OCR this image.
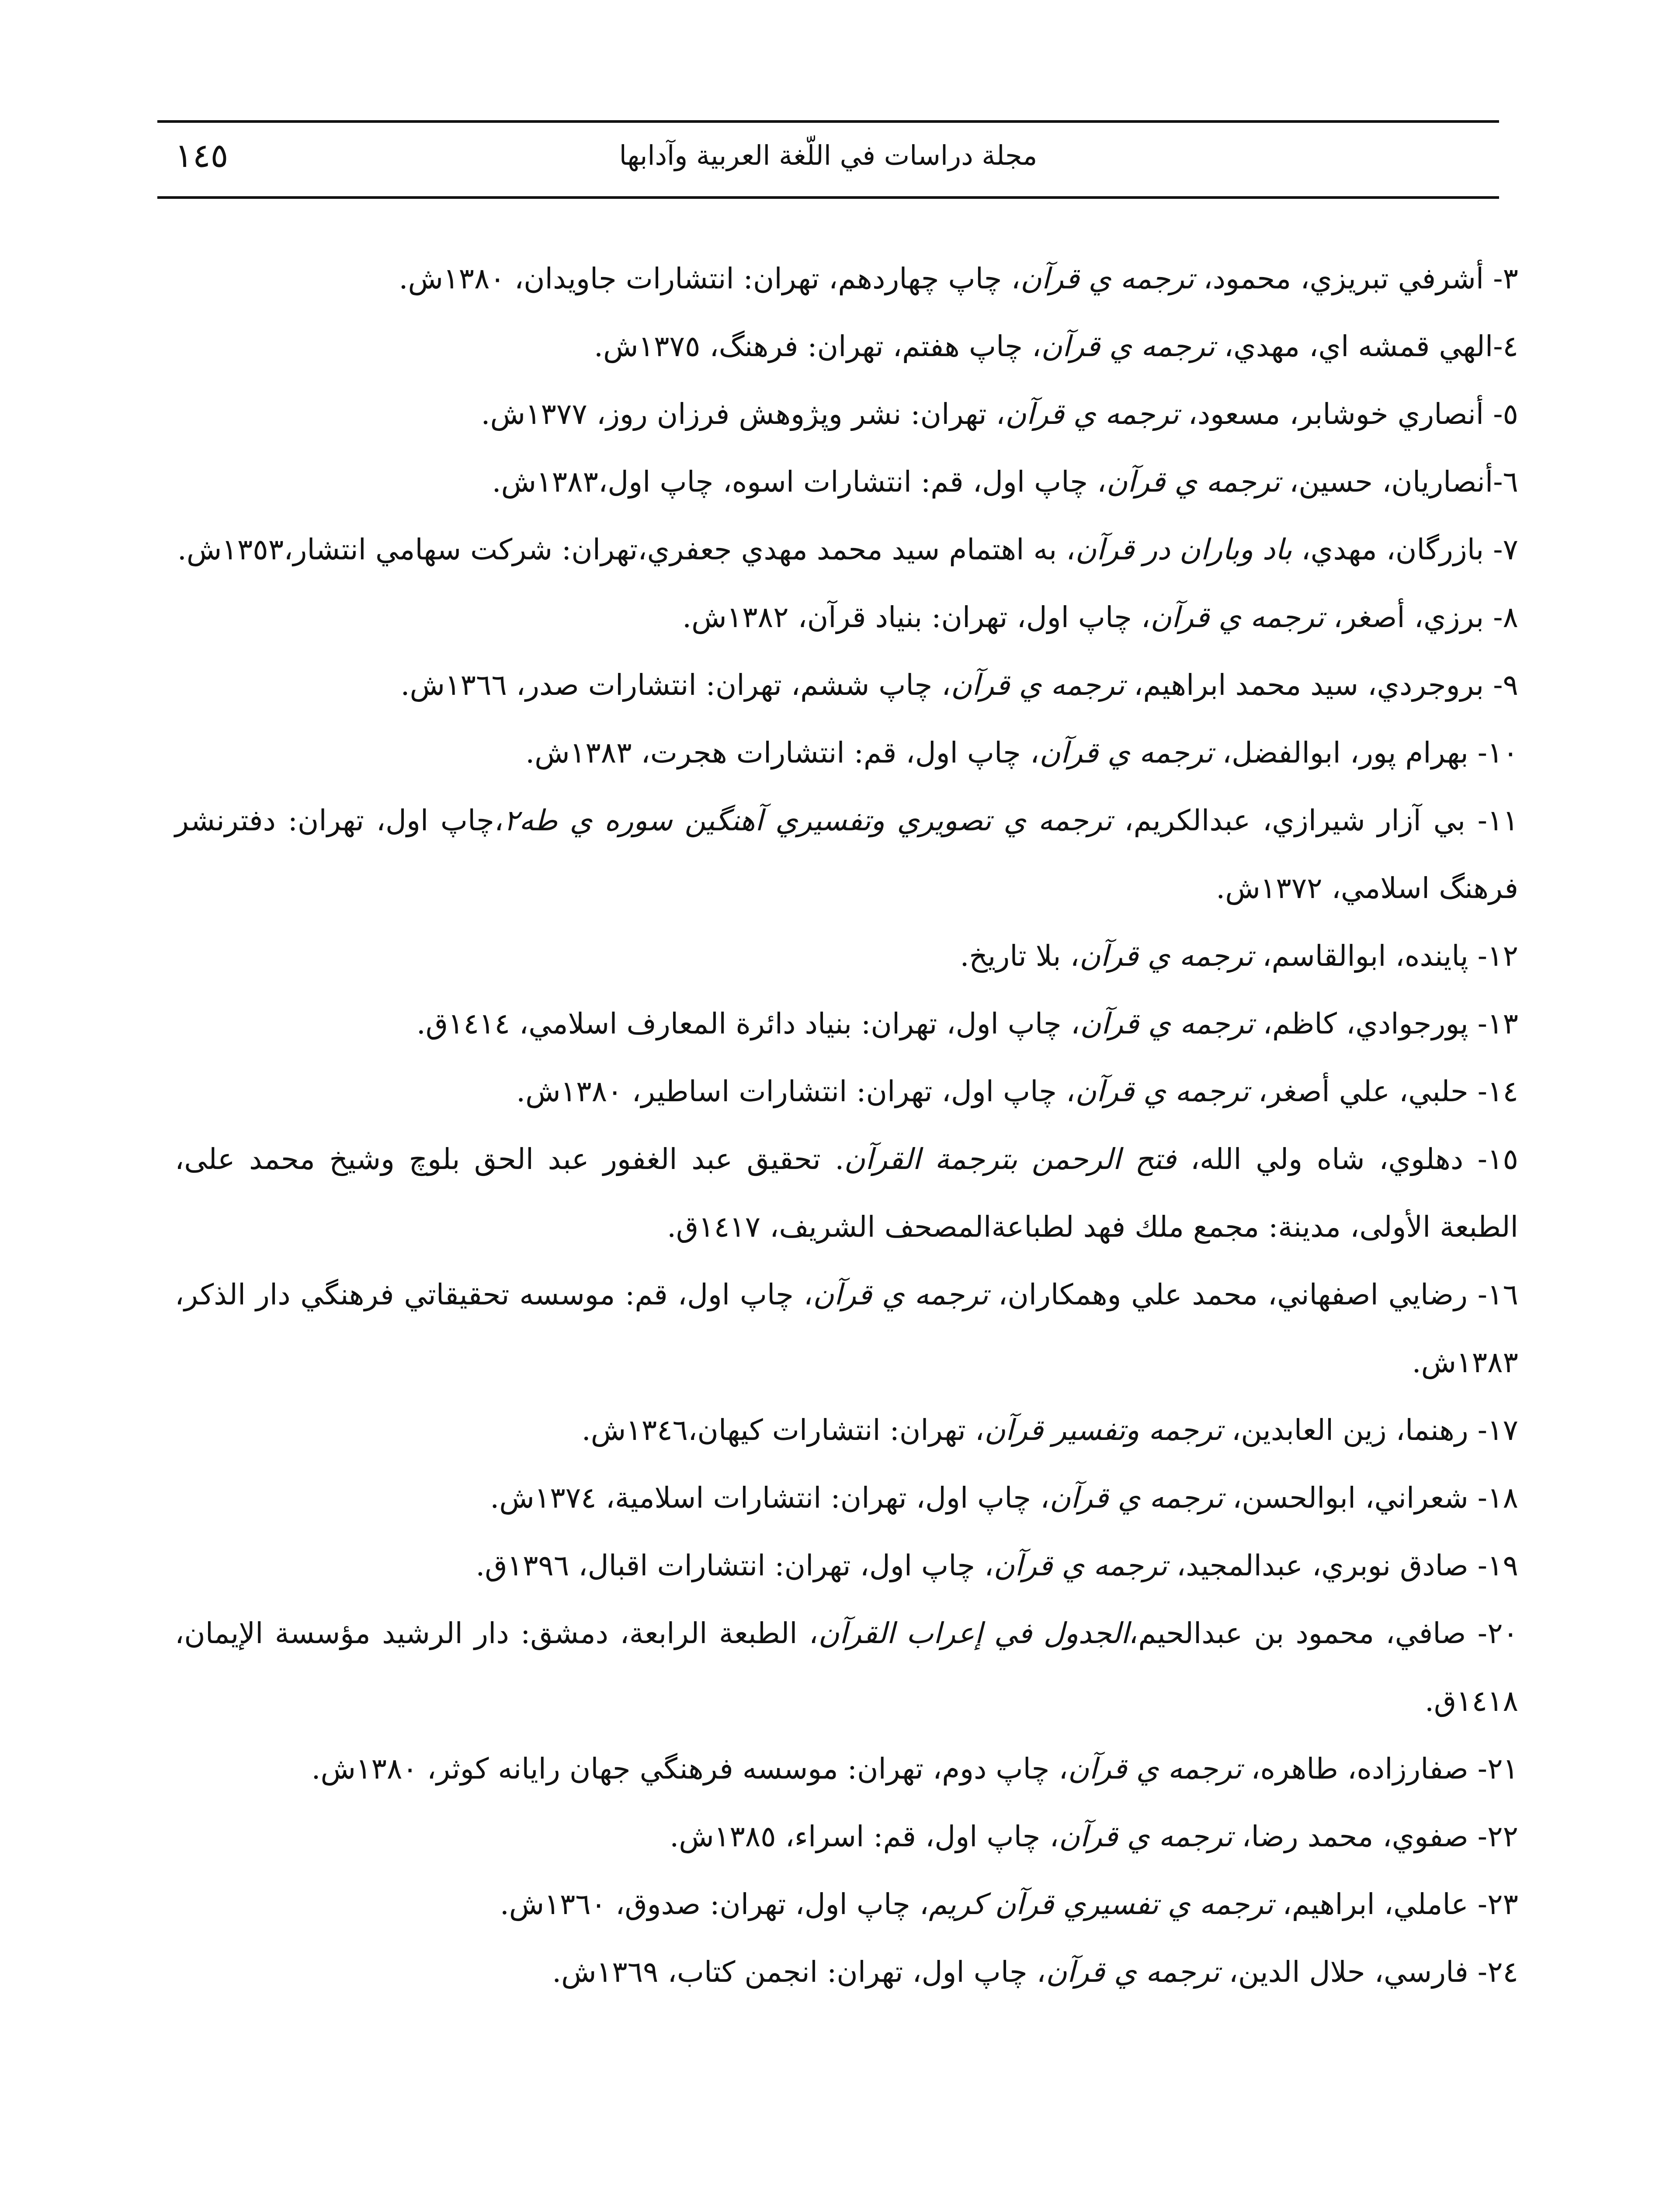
١٤٥	مجلة دراسات في اللّغة العربية وآدابها

٣- أشرفي تبريزي، محمود، ترجمه ي قرآن، چاپ چهاردهم، تهران: انتشارات جاويدان، ١٣٨٠ش.

٤-الهي قمشه اي، مهدي، ترجمه ي قرآن، چاپ هفتم، تهران: فرهنگ، ١٣٧٥ش.

٥- أنصاري خوشابر، مسعود، ترجمه ي قرآن، تهران: نشر وپژوهش فرزان روز، ١٣٧٧ش.

٦-أنصاريان، حسين، ترجمه ي قرآن، چاپ اول، قم: انتشارات اسوه، چاپ اول،١٣٨٣ش.

٧- بازرگان، مهدي، باد وباران در قرآن، به اهتمام سيد محمد مهدي جعفري،تهران: شركت سهامي انتشار،١٣٥٣ش.

٨- برزي، أصغر، ترجمه ي قرآن، چاپ اول، تهران: بنياد قرآن، ١٣٨٢ش.

٩- بروجردي، سيد محمد ابراهيم، ترجمه ي قرآن، چاپ ششم، تهران: انتشارات صدر، ١٣٦٦ش.

١٠- بهرام پور، ابوالفضل، ترجمه ي قرآن، چاپ اول، قم: انتشارات هجرت، ١٣٨٣ش.

١١- بي آزار شيرازي، عبدالكريم، ترجمه ي تصويري وتفسيري آهنگين سوره ي طه٢،چاپ اول، تهران: دفترنشر فرهنگ اسلامي، ١٣٧٢ش.

١٢- پاينده، ابوالقاسم، ترجمه ي قرآن، بلا تاريخ.

١٣- پورجوادي، كاظم، ترجمه ي قرآن، چاپ اول، تهران: بنياد دائرة المعارف اسلامي، ١٤١٤ق.

١٤- حلبي، علي أصغر، ترجمه ي قرآن، چاپ اول، تهران: انتشارات اساطير، ١٣٨٠ش.

١٥- دهلوي، شاه ولي الله، فتح الرحمن بترجمة القرآن. تحقيق عبد الغفور عبد الحق بلوچ وشيخ محمد على، الطبعة الأولى، مدينة: مجمع ملك فهد لطباعةالمصحف الشريف، ١٤١٧ق.

١٦- رضايي اصفهاني، محمد علي وهمكاران، ترجمه ي قرآن، چاپ اول، قم: موسسه تحقيقاتي فرهنگي دار الذكر، ١٣٨٣ش.

١٧- رهنما، زين العابدين، ترجمه وتفسير قرآن، تهران: انتشارات كيهان،١٣٤٦ش.

١٨- شعراني، ابوالحسن، ترجمه ي قرآن، چاپ اول، تهران: انتشارات اسلامية، ١٣٧٤ش.

١٩- صادق نوبري، عبدالمجيد، ترجمه ي قرآن، چاپ اول، تهران: انتشارات اقبال، ١٣٩٦ق.

٢٠- صافي، محمود بن عبدالحيم،الجدول في إعراب القرآن، الطبعة الرابعة، دمشق: دار الرشيد مؤسسة الإيمان، ١٤١٨ق.

٢١- صفارزاده، طاهره، ترجمه ي قرآن، چاپ دوم، تهران: موسسه فرهنگي جهان رايانه كوثر، ١٣٨٠ش.

٢٢- صفوي، محمد رضا، ترجمه ي قرآن، چاپ اول، قم: اسراء، ١٣٨٥ش.

٢٣- عاملي، ابراهيم، ترجمه ي تفسيري قرآن كريم، چاپ اول، تهران: صدوق، ١٣٦٠ش.

٢٤- فارسي، حلال الدين، ترجمه ي قرآن، چاپ اول، تهران: انجمن كتاب، ١٣٦٩ش.
